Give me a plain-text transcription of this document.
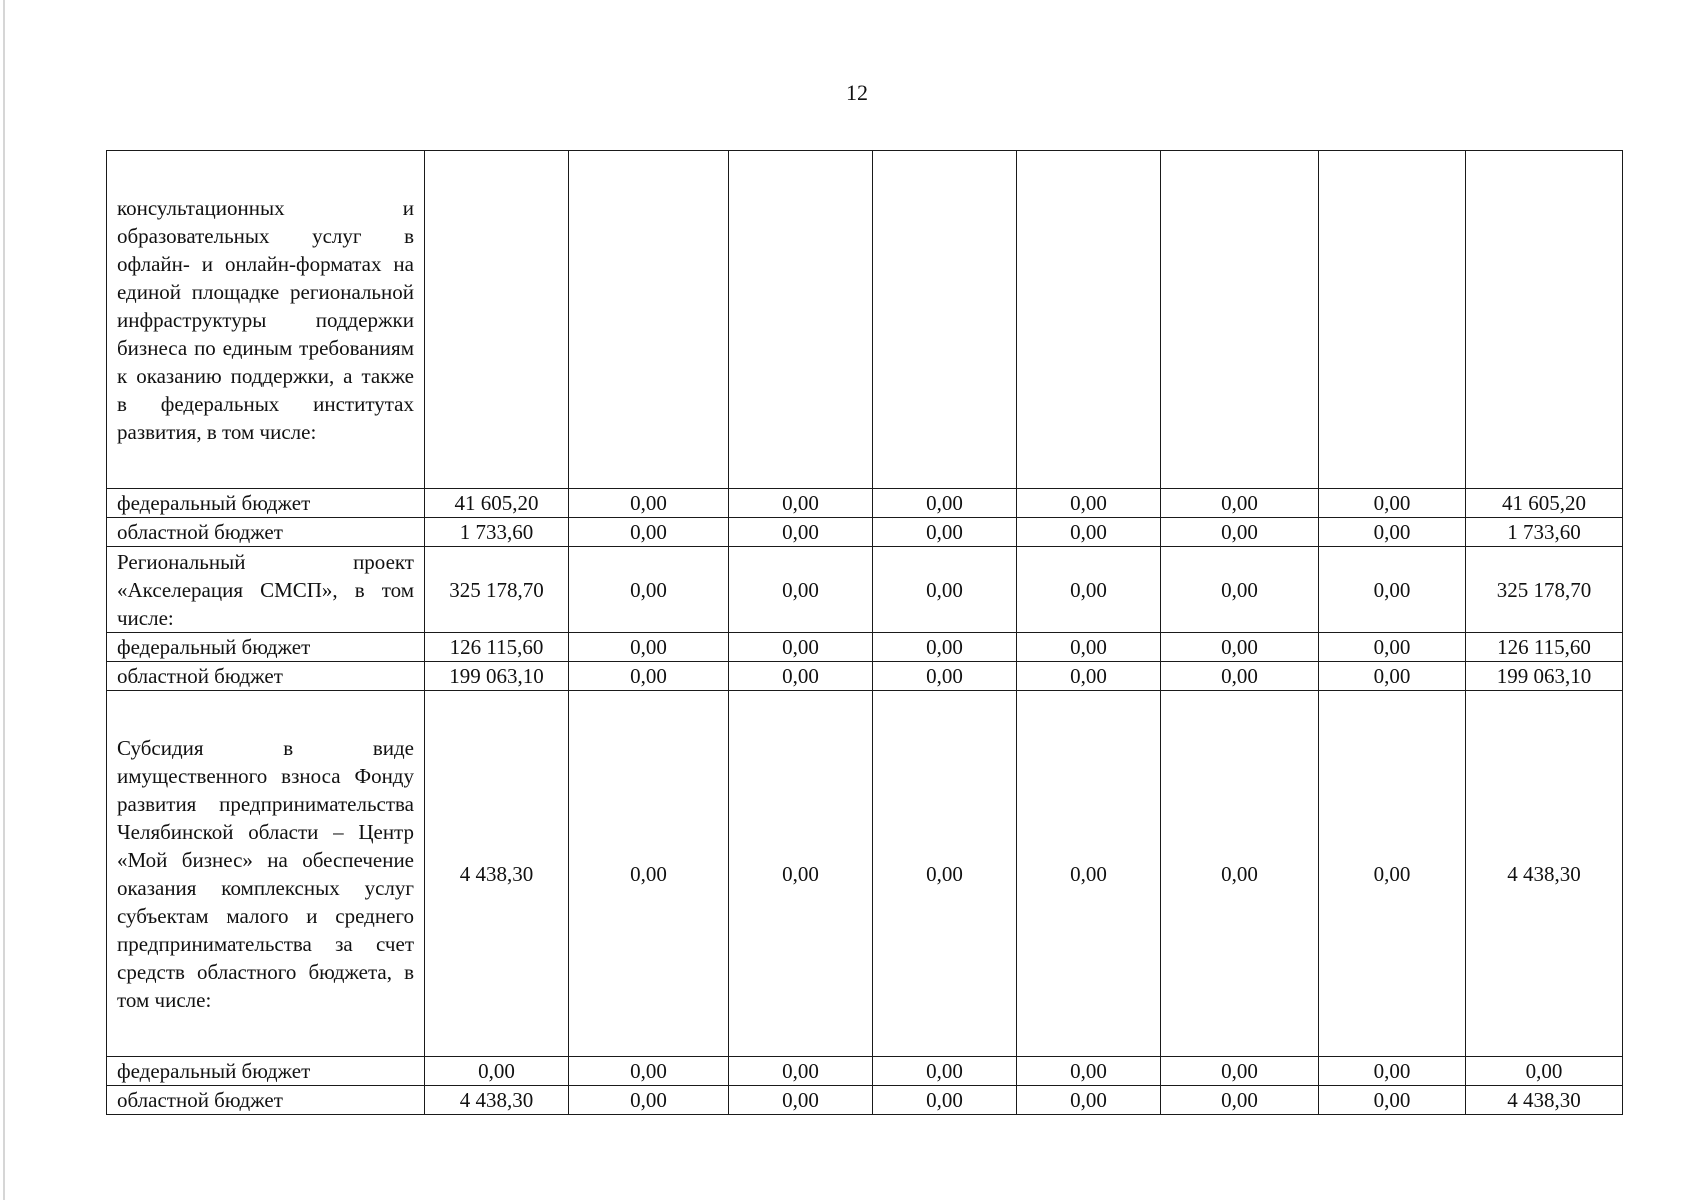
12
консультационных и образовательных услуг в офлайн- и онлайн-форматах на единой площадке региональной инфраструктуры поддержки бизнеса по единым требованиям к оказанию поддержки, а также в федеральных институтах развития, в том числе:								
федеральный бюджет	41 605,20	0,00	0,00	0,00	0,00	0,00	0,00	41 605,20
областной бюджет	1 733,60	0,00	0,00	0,00	0,00	0,00	0,00	1 733,60
Региональный проект «Акселерация СМСП», в том числе:	325 178,70	0,00	0,00	0,00	0,00	0,00	0,00	325 178,70
федеральный бюджет	126 115,60	0,00	0,00	0,00	0,00	0,00	0,00	126 115,60
областной бюджет	199 063,10	0,00	0,00	0,00	0,00	0,00	0,00	199 063,10
Субсидия в виде имущественного взноса Фонду развития предпринимательства Челябинской области – Центр «Мой бизнес» на обеспечение оказания комплексных услуг субъектам малого и среднего предпринимательства за счет средств областного бюджета, в том числе:	4 438,30	0,00	0,00	0,00	0,00	0,00	0,00	4 438,30
федеральный бюджет	0,00	0,00	0,00	0,00	0,00	0,00	0,00	0,00
областной бюджет	4 438,30	0,00	0,00	0,00	0,00	0,00	0,00	4 438,30
